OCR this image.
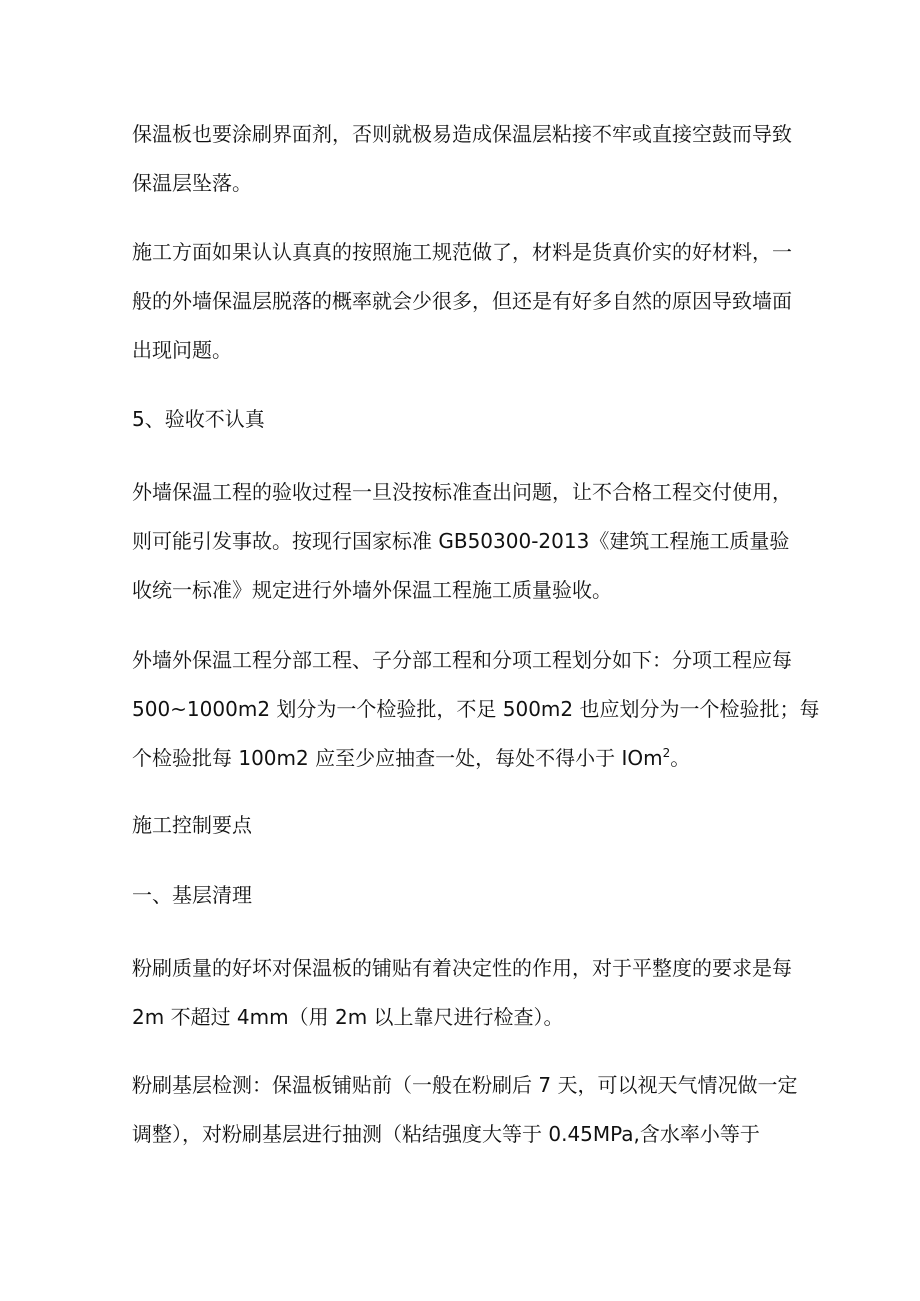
保温板也要涂刷界面剂，否则就极易造成保温层粘接不牢或直接空鼓而导致
保温层坠落。

施工方面如果认认真真的按照施工规范做了，材料是货真价实的好材料，一
般的外墙保温层脱落的概率就会少很多，但还是有好多自然的原因导致墙面
出现问题。

5、验收不认真

外墙保温工程的验收过程一旦没按标准查出问题，让不合格工程交付使用，
则可能引发事故。按现行国家标准 GB50300-2013《建筑工程施工质量验
收统一标准》规定进行外墙外保温工程施工质量验收。

外墙外保温工程分部工程、子分部工程和分项工程划分如下：分项工程应每
500~1000m2 划分为一个检验批，不足 500m2 也应划分为一个检验批；每
个检验批每 100m2 应至少应抽查一处，每处不得小于 IOm$^2$。

施工控制要点

一、基层清理

粉刷质量的好坏对保温板的铺贴有着决定性的作用，对于平整度的要求是每
2m 不超过 4mm（用 2m 以上靠尺进行检查）。

粉刷基层检测：保温板铺贴前（一般在粉刷后 7 天，可以视天气情况做一定
调整），对粉刷基层进行抽测（粘结强度大等于 0.45MPa,含水率小等于
